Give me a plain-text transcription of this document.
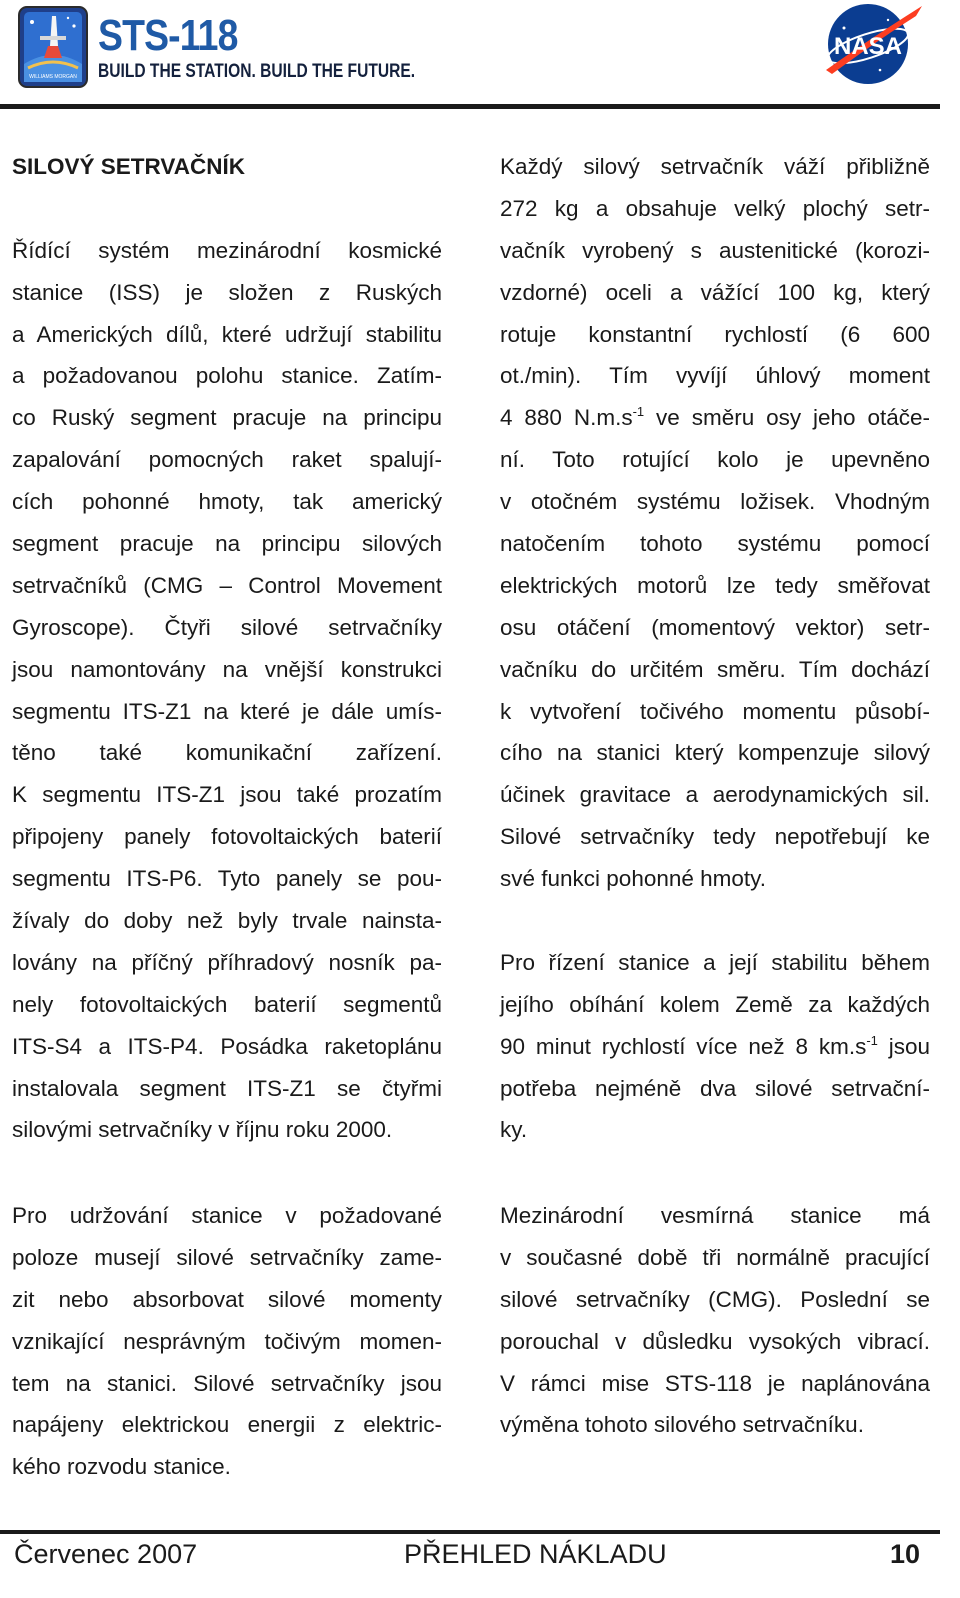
WILLIAMS MORGAN
STS-118
BUILD THE STATION. BUILD THE FUTURE.
NASA
SILOVÝ SETRVAČNÍK

Řídící systém mezinárodní kosmické
stanice (ISS) je složen z Ruských
a Amerických dílů, které udržují stabilitu
a požadovanou polohu stanice. Zatím-
co Ruský segment pracuje na principu
zapalování pomocných raket spalují-
cích pohonné hmoty, tak americký
segment pracuje na principu silových
setrvačníků (CMG – Control Movement
Gyroscope). Čtyři silové setrvačníky
jsou namontovány na vnější konstrukci
segmentu ITS-Z1 na které je dále umís-
těno také komunikační zařízení.
K segmentu ITS-Z1 jsou také prozatím
připojeny panely fotovoltaických baterií
segmentu ITS-P6. Tyto panely se pou-
žívaly do doby než byly trvale nainsta-
lovány na příčný příhradový nosník pa-
nely fotovoltaických baterií segmentů
ITS-S4 a ITS-P4. Posádka raketoplánu
instalovala segment ITS-Z1 se čtyřmi
silovými setrvačníky v říjnu roku 2000.

Pro udržování stanice v požadované
poloze musejí silové setrvačníky zame-
zit nebo absorbovat silové momenty
vznikající nesprávným točivým momen-
tem na stanici. Silové setrvačníky jsou
napájeny elektrickou energii z elektric-
kého rozvodu stanice.

Každý silový setrvačník váží přibližně
272 kg a obsahuje velký plochý setr-
vačník vyrobený s austenitické (korozi-
vzdorné) oceli a vážící 100 kg, který
rotuje konstantní rychlostí (6 600
ot./min). Tím vyvíjí úhlový moment
4 880 $N.m.s^{-1}$ ve směru osy jeho otáče-
ní. Toto rotující kolo je upevněno
v otočném systému ložisek. Vhodným
natočením tohoto systému pomocí
elektrických motorů lze tedy směřovat
osu otáčení (momentový vektor) setr-
vačníku do určitém směru. Tím dochází
k vytvoření točivého momentu působí-
cího na stanici který kompenzuje silový
účinek gravitace a aerodynamických sil.
Silové setrvačníky tedy nepotřebují ke
své funkci pohonné hmoty.

Pro řízení stanice a její stabilitu během
jejího obíhání kolem Země za každých
90 minut rychlostí více než 8 $km.s^{-1}$ jsou
potřeba nejméně dva silové setrvační-
ky.

Mezinárodní vesmírná stanice má
v současné době tři normálně pracující
silové setrvačníky (CMG). Poslední se
porouchal v důsledku vysokých vibrací.
V rámci mise STS-118 je naplánována
výměna tohoto silového setrvačníku.

Červenec 2007	PŘEHLED NÁKLADU	10
